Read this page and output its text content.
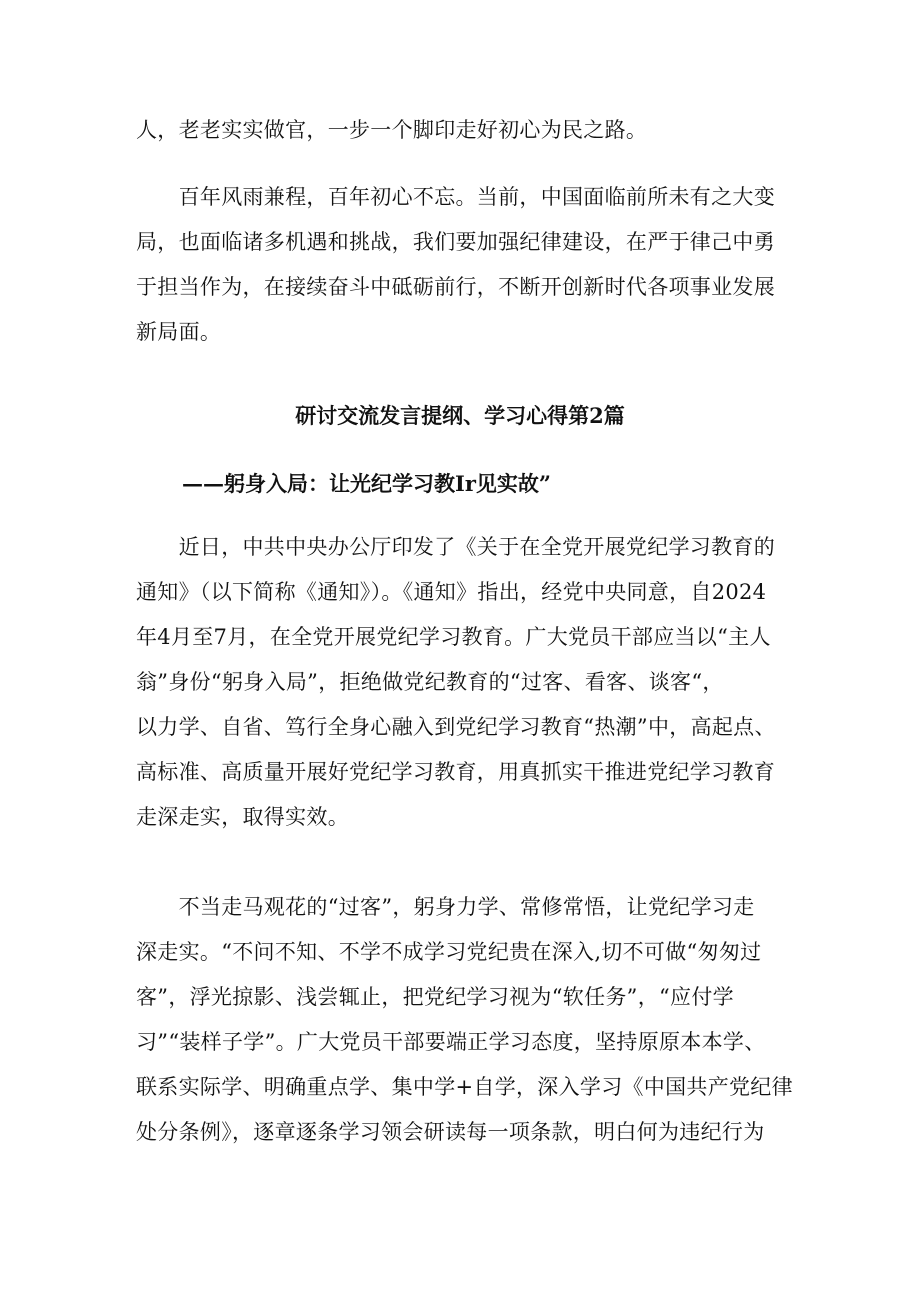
人，老老实实做官，一步一个脚印走好初心为民之路。
　　百年风雨兼程，百年初心不忘。当前，中国面临前所未有之大变
局，也面临诸多机遇和挑战，我们要加强纪律建设，在严于律己中勇
于担当作为，在接续奋斗中砥砺前行，不断开创新时代各项事业发展
新局面。
研讨交流发言提纲、学习心得第2篇
——躬身入局：让光纪学习教Ir见实故”
　　近日，中共中央办公厅印发了《关于在全党开展党纪学习教育的
通知》（以下简称《通知》）。《通知》指出，经党中央同意，自2024
年4月至7月，在全党开展党纪学习教育。广大党员干部应当以“主人
翁”身份“躬身入局”，拒绝做党纪教育的“过客、看客、谈客“，
以力学、自省、笃行全身心融入到党纪学习教育“热潮”中，高起点、
高标准、高质量开展好党纪学习教育，用真抓实干推进党纪学习教育
走深走实，取得实效。
　　不当走马观花的“过客”，躬身力学、常修常悟，让党纪学习走
深走实。“不问不知、不学不成学习党纪贵在深入,切不可做“匆匆过
客”，浮光掠影、浅尝辄止，把党纪学习视为“软任务”，“应付学
习”“装样子学”。广大党员干部要端正学习态度，坚持原原本本学、
联系实际学、明确重点学、集中学+自学，深入学习《中国共产党纪律
处分条例》，逐章逐条学习领会研读每一项条款，明白何为违纪行为
